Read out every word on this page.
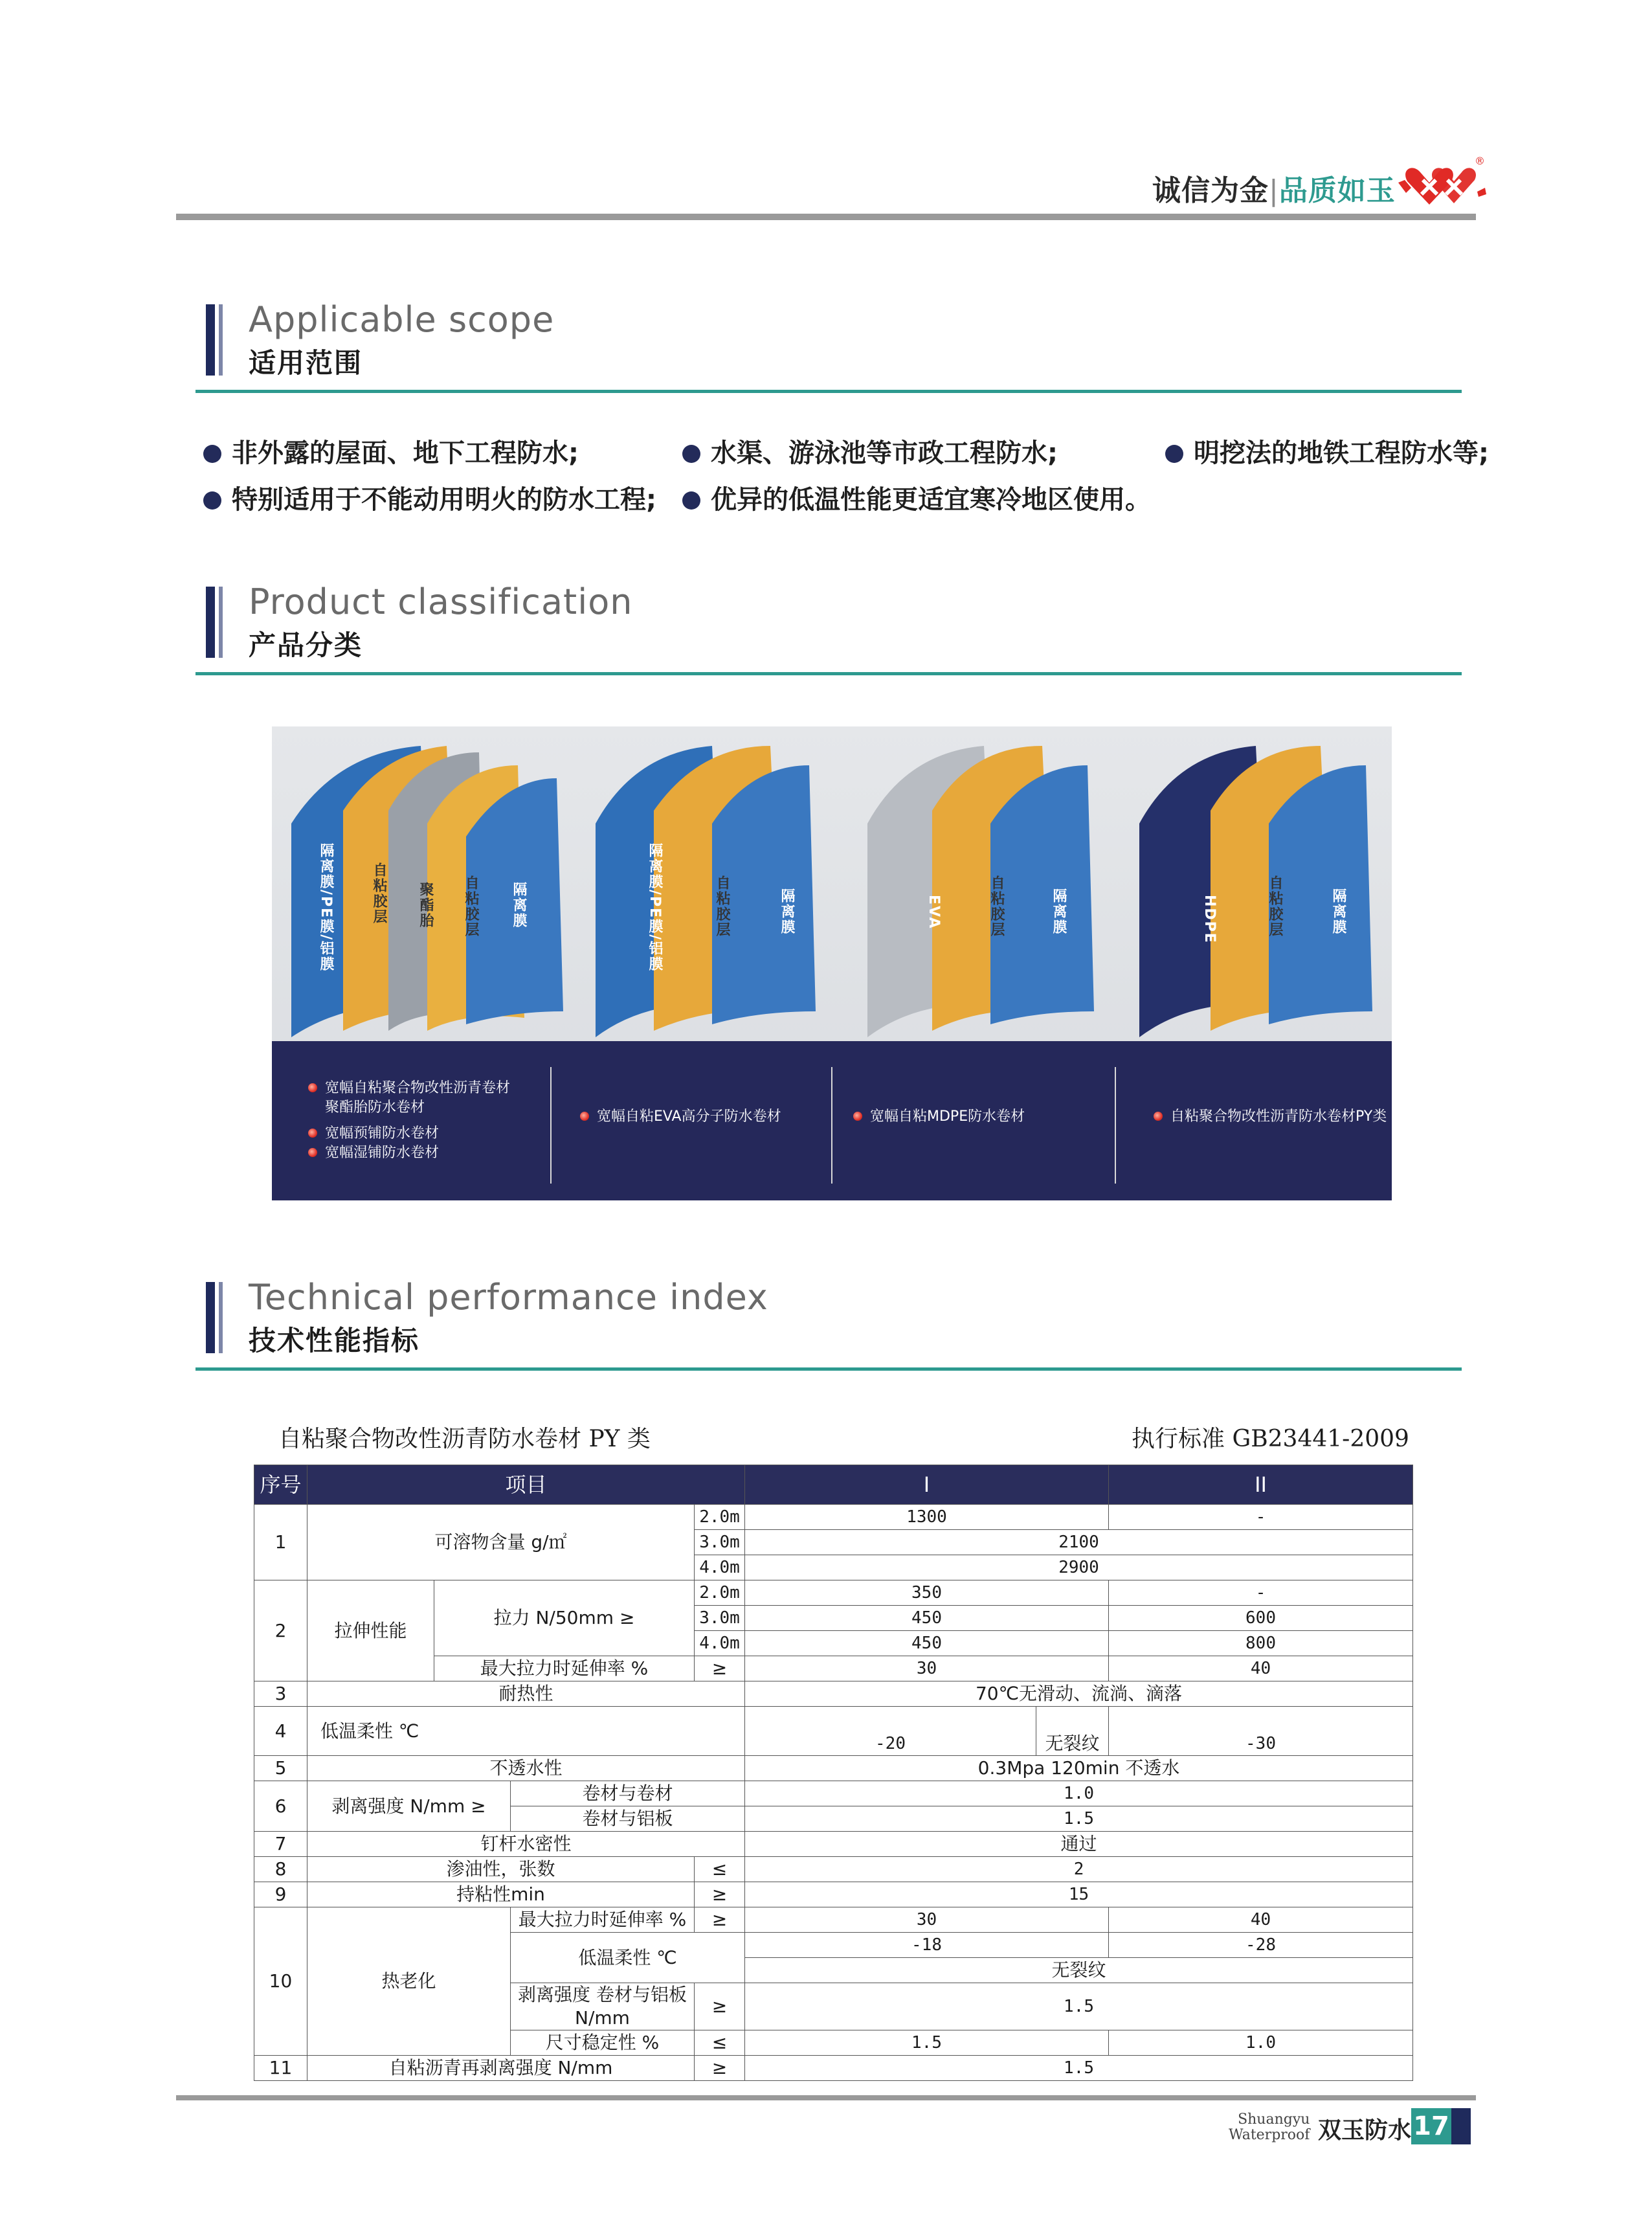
诚信为金|品质如玉
®
Applicable scope
适用范围
非外露的屋面、地下工程防水;	水渠、游泳池等市政工程防水;	明挖法的地铁工程防水等;
特别适用于不能动用明火的防水工程;	优异的低温性能更适宜寒冷地区使用。
Product classification
产品分类
隔离膜/PE膜/铝膜	自粘胶层 聚酯胎 自粘胶层 隔离膜	隔离膜/PE膜/铝膜	自粘胶层	隔离膜	EVA	自粘胶层	隔离膜	HDPE	自粘胶层	隔离膜
宽幅自粘聚合物改性沥青卷材
聚酯胎防水卷材
宽幅预铺防水卷材
宽幅湿铺防水卷材
宽幅自粘EVA高分子防水卷材	宽幅自粘MDPE防水卷材	自粘聚合物改性沥青防水卷材PY类
Technical performance index
技术性能指标
自粘聚合物改性沥青防水卷材 PY 类	执行标准 GB23441-2009
序号	项目				I		II
1	可溶物含量 g/㎡			2.0m	1300		-
				3.0m	2100		
				4.0m	2900		
2	拉伸性能	拉力 N/50mm ≥		2.0m	350		-
				3.0m	450		600
				4.0m	450		800
		最大拉力时延伸率 %		≥	30		40
3	耐热性				70℃无滑动、流淌、滴落		
4	低温柔性 ℃				-20	无裂纹	-30
5	不透水性				0.3Mpa 120min 不透水		
6	剥离强度 N/mm ≥		卷材与卷材		1.0		
			卷材与铝板		1.5		
7	钉杆水密性				通过		
8	渗油性，张数			≤	2		
9	持粘性min			≥	15		
10	热老化		最大拉力时延伸率 %	≥	30		40
			低温柔性 ℃		-18		-28
					无裂纹		
			剥离强度 卷材与铝板N/mm	≥	1.5		
			尺寸稳定性 %	≤	1.5		1.0

11	自粘沥青再剥离强度 N/mm			≥	1.5		
Shuangyu
Waterproof 双玉防水 17
